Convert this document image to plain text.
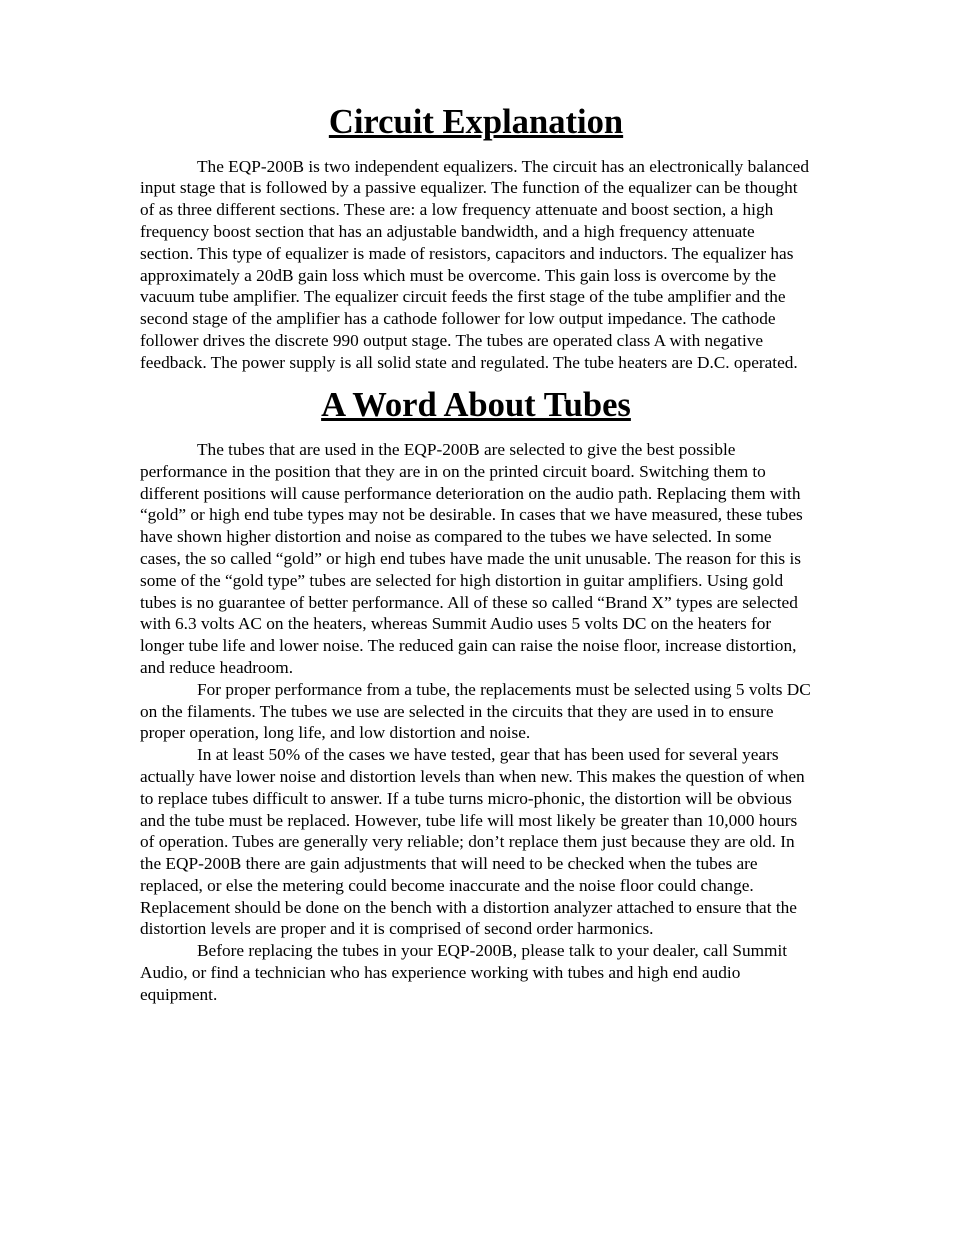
Circuit Explanation

The EQP-200B is two independent equalizers. The circuit has an electronically balanced input stage that is followed by a passive equalizer. The function of the equalizer can be thought of as three different sections. These are: a low frequency attenuate and boost section, a high frequency boost section that has an adjustable bandwidth, and a high frequency attenuate section. This type of equalizer is made of resistors, capacitors and inductors. The equalizer has approximately a 20dB gain loss which must be overcome. This gain loss is overcome by the vacuum tube amplifier. The equalizer circuit feeds the first stage of the tube amplifier and the second stage of the amplifier has a cathode follower for low output impedance. The cathode follower drives the discrete 990 output stage. The tubes are operated class A with negative feedback. The power supply is all solid state and regulated. The tube heaters are D.C. operated.

A Word About Tubes

The tubes that are used in the EQP-200B are selected to give the best possible performance in the position that they are in on the printed circuit board. Switching them to different positions will cause performance deterioration on the audio path. Replacing them with “gold” or high end tube types may not be desirable. In cases that we have measured, these tubes have shown higher distortion and noise as compared to the tubes we have selected. In some cases, the so called “gold” or high end tubes have made the unit unusable. The reason for this is some of the “gold type” tubes are selected for high distortion in guitar amplifiers. Using gold tubes is no guarantee of better performance. All of these so called “Brand X” types are selected with 6.3 volts AC on the heaters, whereas Summit Audio uses 5 volts DC on the heaters for longer tube life and lower noise. The reduced gain can raise the noise floor, increase distortion, and reduce headroom.

For proper performance from a tube, the replacements must be selected using 5 volts DC on the filaments. The tubes we use are selected in the circuits that they are used in to ensure proper operation, long life, and low distortion and noise.

In at least 50% of the cases we have tested, gear that has been used for several years actually have lower noise and distortion levels than when new. This makes the question of when to replace tubes difficult to answer. If a tube turns micro-phonic, the distortion will be obvious and the tube must be replaced. However, tube life will most likely be greater than 10,000 hours of operation. Tubes are generally very reliable; don’t replace them just because they are old. In the EQP-200B there are gain adjustments that will need to be checked when the tubes are replaced, or else the metering could become inaccurate and the noise floor could change. Replacement should be done on the bench with a distortion analyzer attached to ensure that the distortion levels are proper and it is comprised of second order harmonics.

Before replacing the tubes in your EQP-200B, please talk to your dealer, call Summit Audio, or find a technician who has experience working with tubes and high end audio equipment.
